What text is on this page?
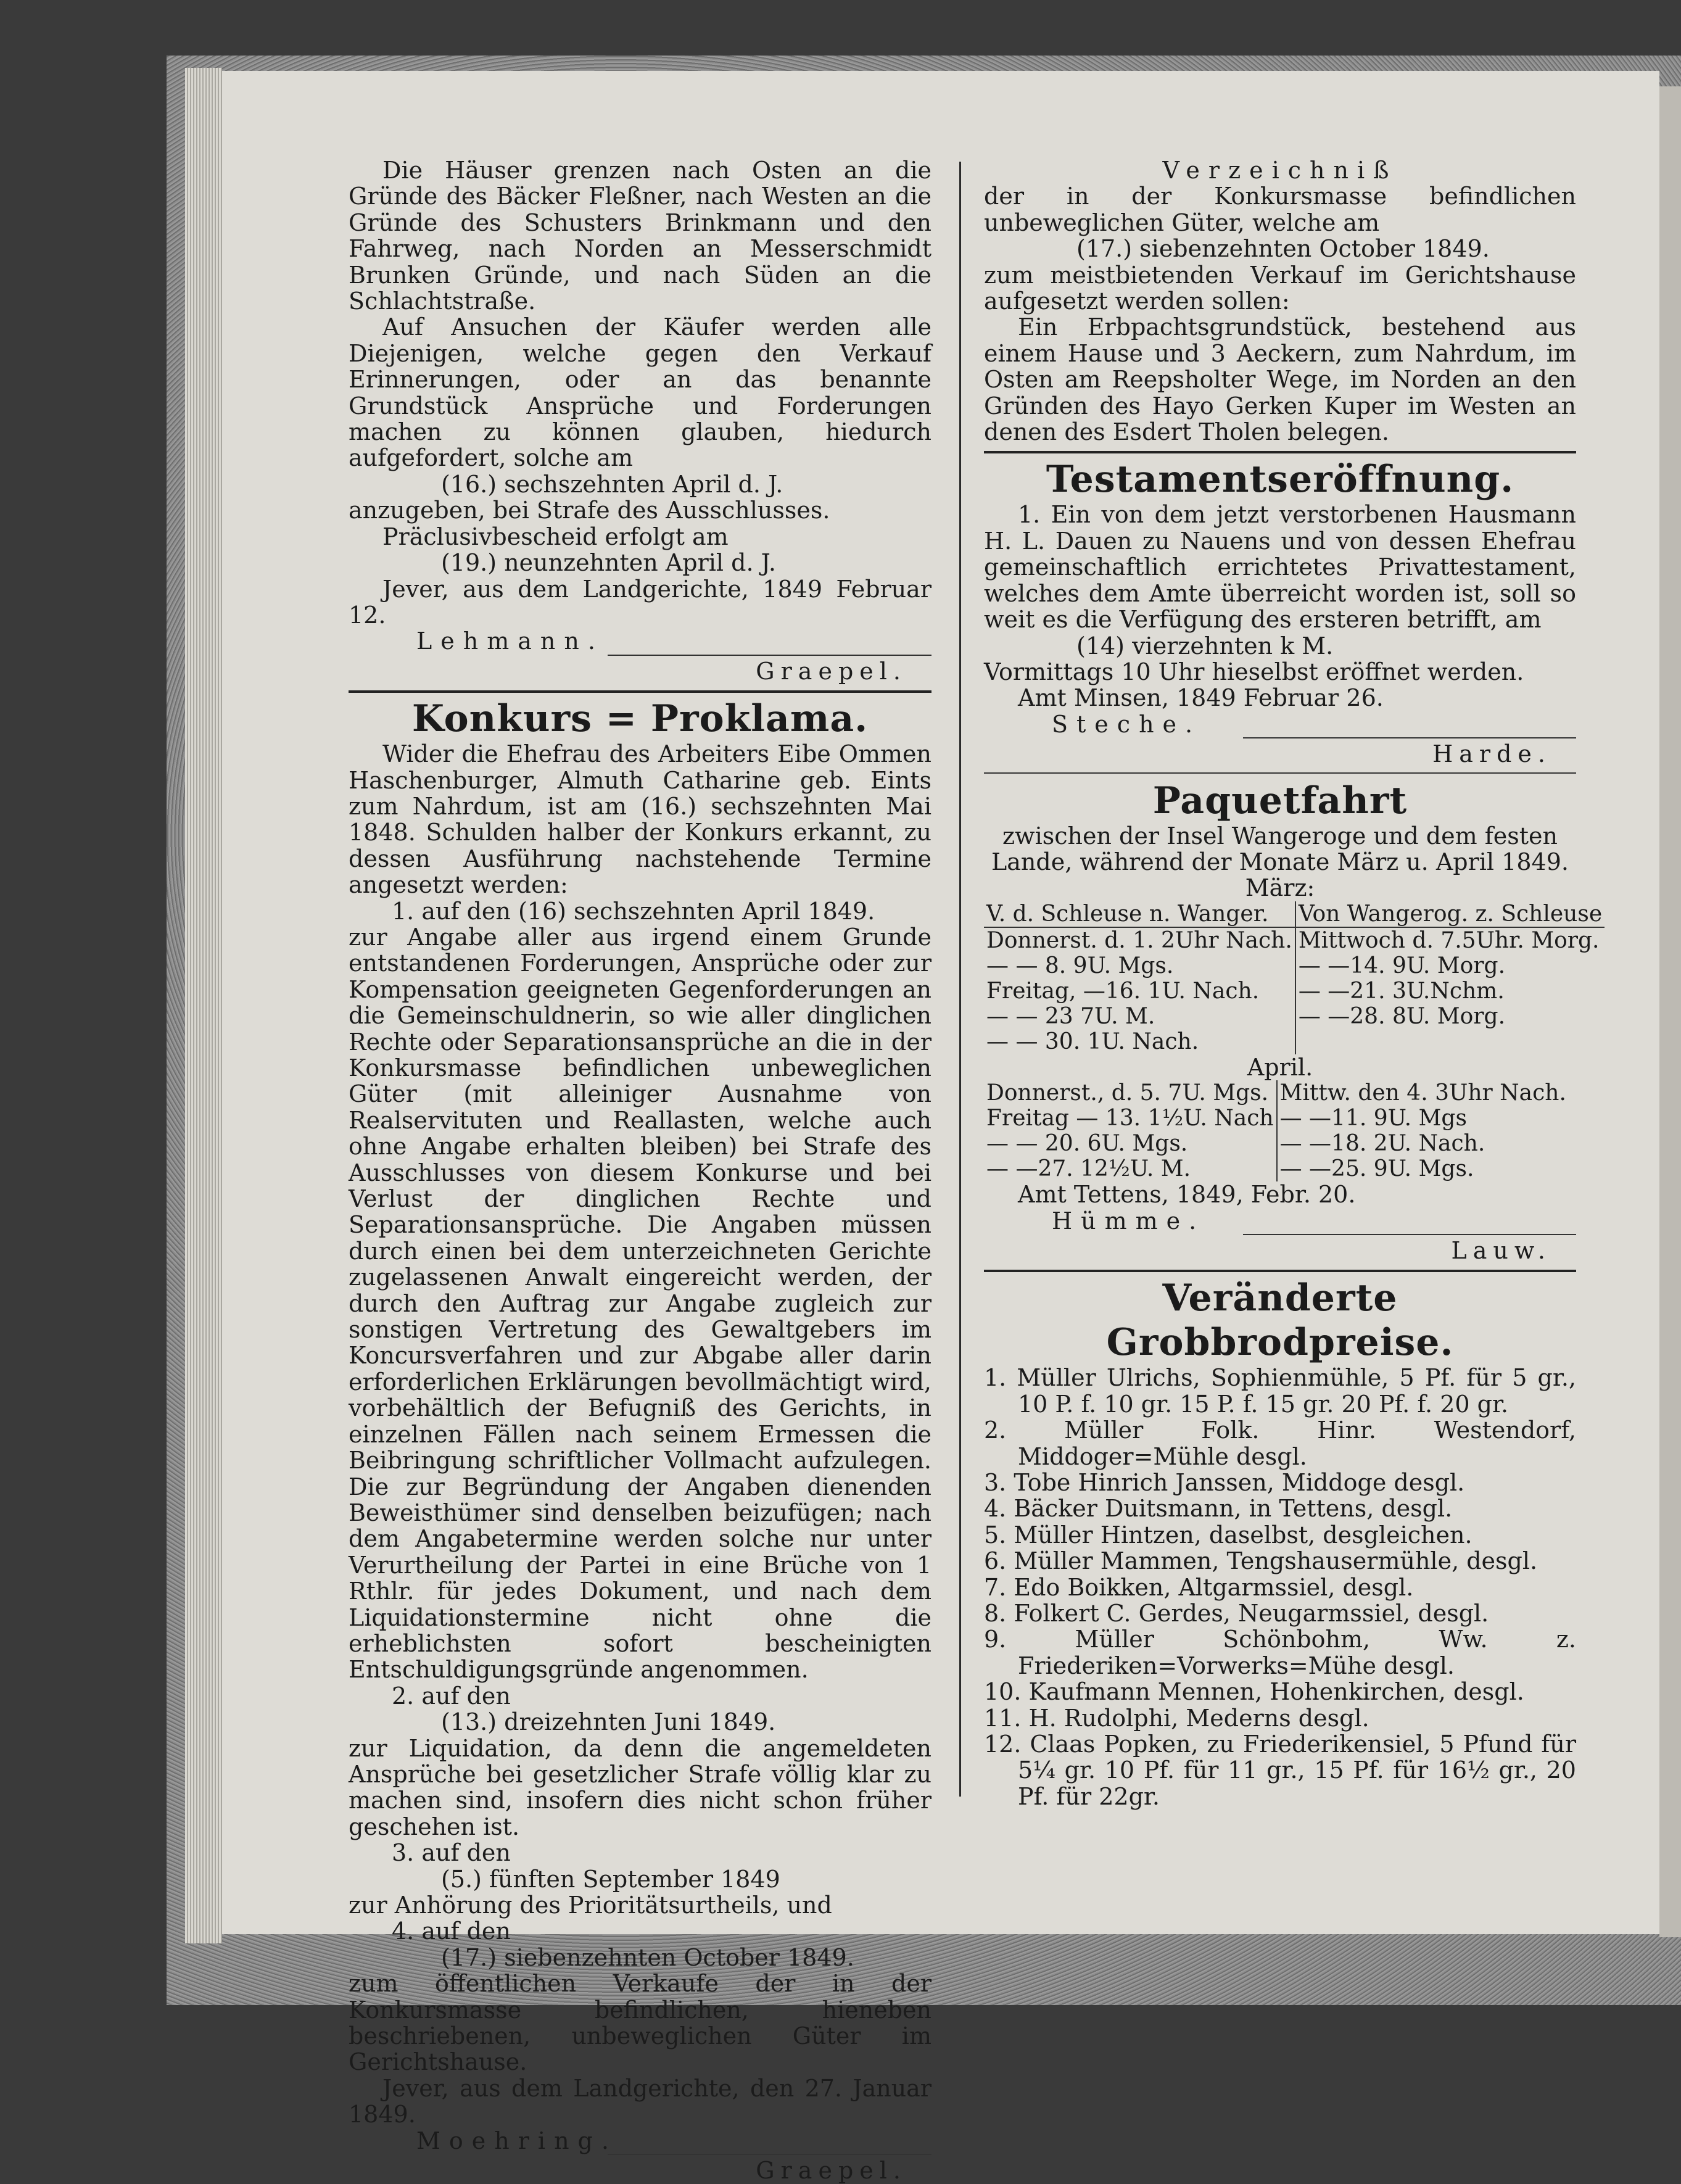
Die Häuser grenzen nach Osten an die Gründe des Bäcker Fleßner, nach Westen an die Gründe des Schusters Brinkmann und den Fahrweg, nach Norden an Messerschmidt Brunken Gründe, und nach Süden an die Schlachtstraße.

Auf Ansuchen der Käufer werden alle Diejenigen, welche gegen den Verkauf Erinnerungen, oder an das benannte Grundstück Ansprüche und Forderungen machen zu können glauben, hiedurch aufgefordert, solche am

(16.) sechszehnten April d. J.

anzugeben, bei Strafe des Ausschlusses.

Präclusivbescheid erfolgt am

(19.) neunzehnten April d. J.

Jever, aus dem Landgerichte, 1849 Februar 12.

Lehmann.

Graepel.

Konkurs = Proklama.

Wider die Ehefrau des Arbeiters Eibe Ommen Haschenburger, Almuth Catharine geb. Eints zum Nahrdum, ist am (16.) sechszehnten Mai 1848. Schulden halber der Konkurs erkannt, zu dessen Ausführung nachstehende Termine angesetzt werden:

1. auf den (16) sechszehnten April 1849.

zur Angabe aller aus irgend einem Grunde entstandenen Forderungen, Ansprüche oder zur Kompensation geeigneten Gegenforderungen an die Gemeinschuldnerin, so wie aller dinglichen Rechte oder Separationsansprüche an die in der Konkursmasse befindlichen unbeweglichen Güter (mit alleiniger Ausnahme von Realservituten und Reallasten, welche auch ohne Angabe erhalten bleiben) bei Strafe des Ausschlusses von diesem Konkurse und bei Verlust der dinglichen Rechte und Separationsansprüche. Die Angaben müssen durch einen bei dem unterzeichneten Gerichte zugelassenen Anwalt eingereicht werden, der durch den Auftrag zur Angabe zugleich zur sonstigen Vertretung des Gewaltgebers im Koncursverfahren und zur Abgabe aller darin erforderlichen Erklärungen bevollmächtigt wird, vorbehältlich der Befugniß des Gerichts, in einzelnen Fällen nach seinem Ermessen die Beibringung schriftlicher Vollmacht aufzulegen. Die zur Begründung der Angaben dienenden Beweisthümer sind denselben beizufügen; nach dem Angabetermine werden solche nur unter Verurtheilung der Partei in eine Brüche von 1 Rthlr. für jedes Dokument, und nach dem Liquidationstermine nicht ohne die erheblichsten sofort bescheinigten Entschuldigungsgründe angenommen.

2. auf den

(13.) dreizehnten Juni 1849.

zur Liquidation, da denn die angemeldeten Ansprüche bei gesetzlicher Strafe völlig klar zu machen sind, insofern dies nicht schon früher geschehen ist.

3. auf den

(5.) fünften September 1849

zur Anhörung des Prioritätsurtheils, und

4. auf den

(17.) siebenzehnten October 1849.

zum öffentlichen Verkaufe der in der Konkursmasse befindlichen, hieneben beschriebenen, unbeweglichen Güter im Gerichtshause.

Jever, aus dem Landgerichte, den 27. Januar 1849.

Moehring.

Graepel.

Verzeichniß

der in der Konkursmasse befindlichen unbeweglichen Güter, welche am

(17.) siebenzehnten October 1849.

zum meistbietenden Verkauf im Gerichtshause aufgesetzt werden sollen:

Ein Erbpachtsgrundstück, bestehend aus einem Hause und 3 Aeckern, zum Nahrdum, im Osten am Reepsholter Wege, im Norden an den Gründen des Hayo Gerken Kuper im Westen an denen des Esdert Tholen belegen.

Testamentseröffnung.

1. Ein von dem jetzt verstorbenen Hausmann H. L. Dauen zu Nauens und von dessen Ehefrau gemeinschaftlich errichtetes Privattestament, welches dem Amte überreicht worden ist, soll so weit es die Verfügung des ersteren betrifft, am

(14) vierzehnten k M.

Vormittags 10 Uhr hieselbst eröffnet werden.

Amt Minsen, 1849 Februar 26.

Steche.

Harde.

Paquetfahrt

zwischen der Insel Wangeroge und dem festen Lande, während der Monate März u. April 1849.

März:

V. d. Schleuse n. Wanger.	Von Wangerog. z. Schleuse
Donnerst. d. 1. 2Uhr Nach.	Mittwoch d. 7.5Uhr. Morg.
— — 8. 9U. Mgs.	— —14. 9U. Morg.
Freitag, —16. 1U. Nach.	— —21. 3U.Nchm.
— — 23 7U. M.	— —28. 8U. Morg.
— — 30. 1U. Nach.	

April.

Donnerst., d. 5. 7U. Mgs.	Mittw. den 4. 3Uhr Nach.
Freitag — 13. 1½U. Nach	— —11. 9U. Mgs
— — 20. 6U. Mgs.	— —18. 2U. Nach.
— —27. 12½U. M.	— —25. 9U. Mgs.

Amt Tettens, 1849, Febr. 20.

Hümme.

Lauw.

Veränderte Grobbrodpreise.

1. Müller Ulrichs, Sophienmühle, 5 Pf. für 5 gr., 10 P. f. 10 gr. 15 P. f. 15 gr. 20 Pf. f. 20 gr.

2. Müller Folk. Hinr. Westendorf, Middoger=Mühle desgl.

3. Tobe Hinrich Janssen, Middoge desgl.

4. Bäcker Duitsmann, in Tettens, desgl.

5. Müller Hintzen, daselbst, desgleichen.

6. Müller Mammen, Tengshausermühle, desgl.

7. Edo Boikken, Altgarmssiel, desgl.

8. Folkert C. Gerdes, Neugarmssiel, desgl.

9. Müller Schönbohm, Ww. z. Friederiken=Vorwerks=Mühe desgl.

10. Kaufmann Mennen, Hohenkirchen, desgl.

11. H. Rudolphi, Mederns desgl.

12. Claas Popken, zu Friederikensiel, 5 Pfund für 5¼ gr. 10 Pf. für 11 gr., 15 Pf. für 16½ gr., 20 Pf. für 22gr.
